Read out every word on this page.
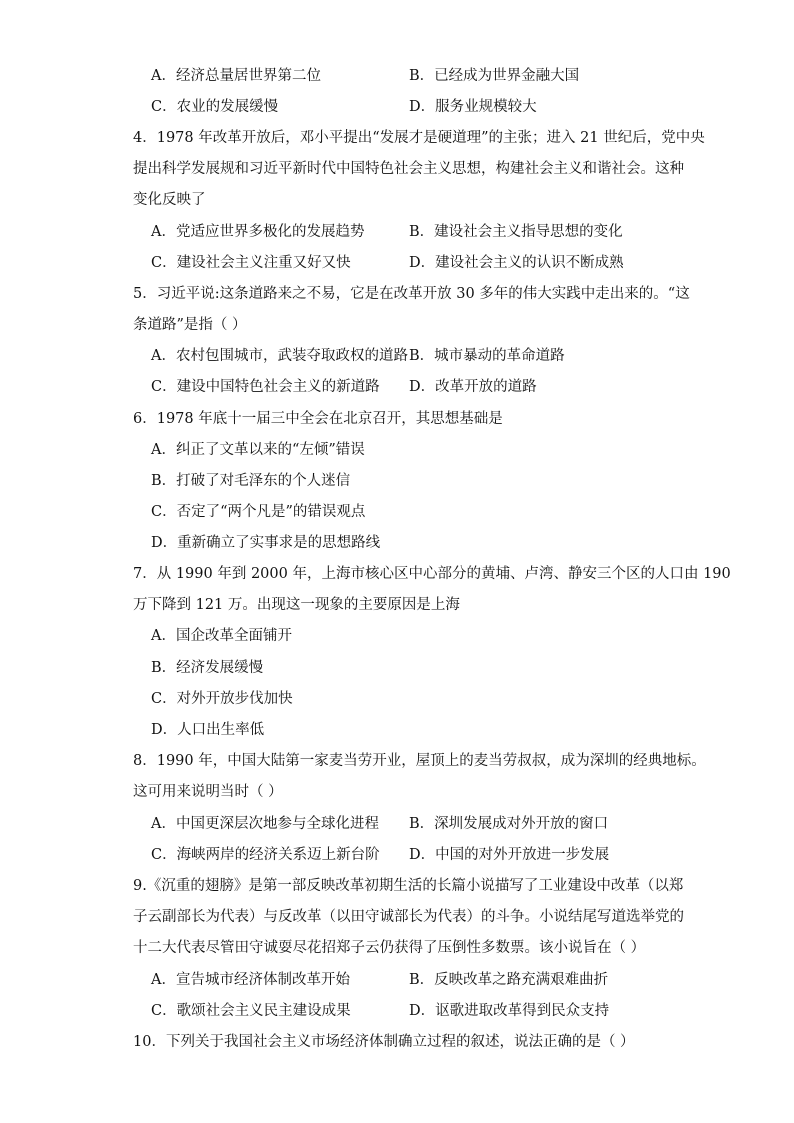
A．经济总量居世界第二位	B．已经成为世界金融大国
C．农业的发展缓慢	D．服务业规模较大
4．1978 年改革开放后，邓小平提出“发展才是硬道理”的主张；进入 21 世纪后，党中央
提出科学发展规和习近平新时代中国特色社会主义思想，构建社会主义和谐社会。这种
变化反映了
A．党适应世界多极化的发展趋势	B．建设社会主义指导思想的变化
C．建设社会主义注重又好又快	D．建设社会主义的认识不断成熟
5．习近平说:这条道路来之不易，它是在改革开放 30 多年的伟大实践中走出来的。“这
条道路”是指（ ）
A．农村包围城市，武装夺取政权的道路 B．城市暴动的革命道路
C．建设中国特色社会主义的新道路 D．改革开放的道路
6．1978 年底十一届三中全会在北京召开，其思想基础是
A．纠正了文革以来的“左倾”错误
B．打破了对毛泽东的个人迷信
C．否定了“两个凡是”的错误观点
D．重新确立了实事求是的思想路线
7．从 1990 年到 2000 年，上海市核心区中心部分的黄埔、卢湾、静安三个区的人口由 190
万下降到 121 万。出现这一现象的主要原因是上海
A．国企改革全面铺开
B．经济发展缓慢
C．对外开放步伐加快
D．人口出生率低
8．1990 年，中国大陆第一家麦当劳开业，屋顶上的麦当劳叔叔，成为深圳的经典地标。
这可用来说明当时（ ）
A．中国更深层次地参与全球化进程 B．深圳发展成对外开放的窗口
C．海峡两岸的经济关系迈上新台阶 D．中国的对外开放进一步发展
9.《沉重的翅膀》是第一部反映改革初期生活的长篇小说描写了工业建设中改革（以郑
子云副部长为代表）与反改革（以田守诚部长为代表）的斗争。小说结尾写道选举党的
十二大代表尽管田守诚耍尽花招郑子云仍获得了压倒性多数票。该小说旨在（ ）
A．宣告城市经济体制改革开始	B．反映改革之路充满艰难曲折
C．歌颂社会主义民主建设成果	D．讴歌进取改革得到民众支持
10．下列关于我国社会主义市场经济体制确立过程的叙述，说法正确的是（ ）
